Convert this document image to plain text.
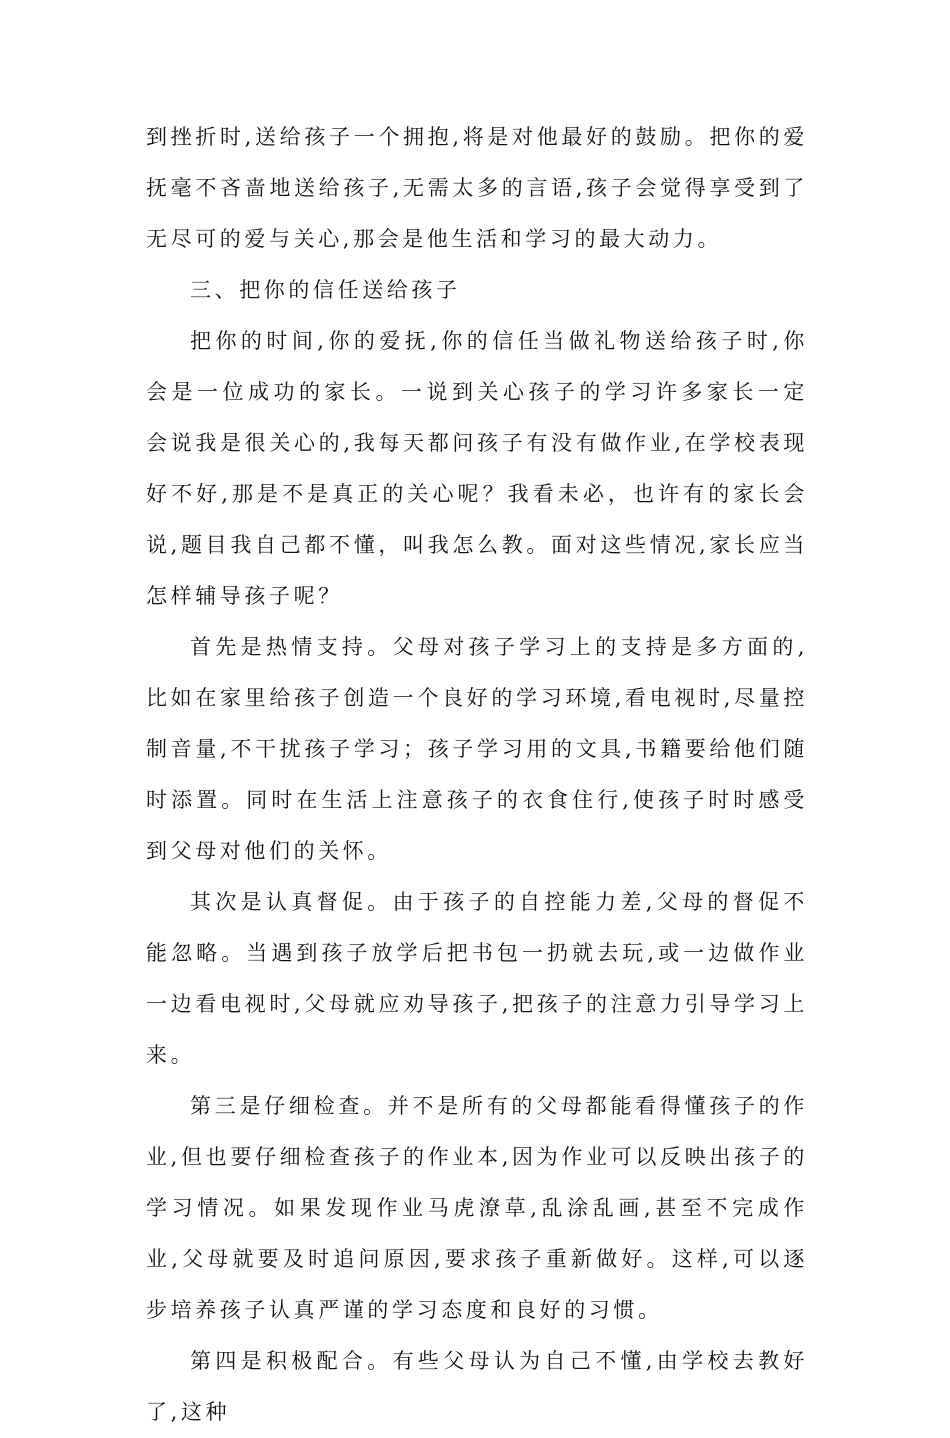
到挫折时,送给孩子一个拥抱,将是对他最好的鼓励。把你的爱抚毫不吝啬地送给孩子,无需太多的言语,孩子会觉得享受到了无尽可的爱与关心,那会是他生活和学习的最大动力。

三、把你的信任送给孩子

把你的时间,你的爱抚,你的信任当做礼物送给孩子时,你会是一位成功的家长。一说到关心孩子的学习许多家长一定会说我是很关心的,我每天都问孩子有没有做作业,在学校表现好不好,那是不是真正的关心呢？我看未必，也许有的家长会说,题目我自己都不懂，叫我怎么教。面对这些情况,家长应当怎样辅导孩子呢？

首先是热情支持。父母对孩子学习上的支持是多方面的,比如在家里给孩子创造一个良好的学习环境,看电视时,尽量控制音量,不干扰孩子学习；孩子学习用的文具,书籍要给他们随时添置。同时在生活上注意孩子的衣食住行,使孩子时时感受到父母对他们的关怀。

其次是认真督促。由于孩子的自控能力差,父母的督促不能忽略。当遇到孩子放学后把书包一扔就去玩,或一边做作业一边看电视时,父母就应劝导孩子,把孩子的注意力引导学习上来。

第三是仔细检查。并不是所有的父母都能看得懂孩子的作业,但也要仔细检查孩子的作业本,因为作业可以反映出孩子的学习情况。如果发现作业马虎潦草,乱涂乱画,甚至不完成作业,父母就要及时追问原因,要求孩子重新做好。这样,可以逐步培养孩子认真严谨的学习态度和良好的习惯。

第四是积极配合。有些父母认为自己不懂,由学校去教好了,这种
